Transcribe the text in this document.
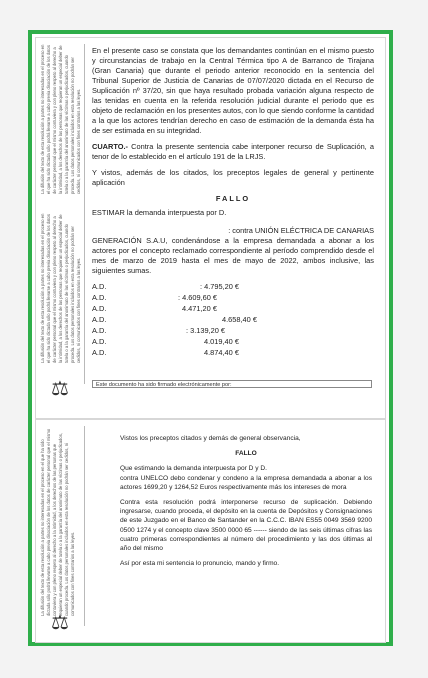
La difusión del texto de esta resolución a partes no interesadas en el proceso en el que ha sido dictada sólo podrá llevarse a cabo previa disociación de los datos de carácter personal que el mismo contuviera y con pleno respeto al derecho a la intimidad, a los derechos de las personas que requieran un especial deber de tutela o a la garantía del anonimato de las víctimas o perjudicados, cuando proceda. Los datos personales incluidos en esta resolución no podrán ser cedidos, ni comunicados con fines contrarios a las leyes.
La difusión del texto de esta resolución a partes no interesadas en el proceso en el que ha sido dictada sólo podrá llevarse a cabo previa disociación de los datos de carácter personal que el mismo contuviera y con pleno respeto al derecho a la intimidad, a los derechos de las personas que requieran un especial deber de tutela o a la garantía del anonimato de las víctimas o perjudicados, cuando proceda. Los datos personales incluidos en esta resolución no podrán ser cedidos, ni comunicados con fines contrarios a las leyes.
⚖

En el presente caso se constata que los demandantes continúan en el mismo puesto y circunstancias de trabajo en la Central Térmica tipo A de Barranco de Tirajana (Gran Canaria) que durante el periodo anterior reconocido en la sentencia del Tribunal Superior de Justicia de Canarias de 07/07/2020 dictada en el Recurso de Suplicación nº 37/20, sin que haya resultado probada variación alguna respecto de las tenidas en cuenta en la referida resolución judicial durante el periodo que es objeto de reclamación en los presentes autos, con lo que siendo conforme la cantidad a la que los actores tendrían derecho en caso de estimación de la demanda ésta ha de ser estimada en su integridad.

CUARTO.- Contra la presente sentencia cabe interponer recurso de Suplicación, a tenor de lo establecido en el artículo 191 de la LRJS.

Y vistos, además de los citados, los preceptos legales de general y pertinente aplicación

FALLO

ESTIMAR la demanda interpuesta por D.

: contra UNIÓN ELÉCTRICA DE CANARIAS

GENERACIÓN S.A.U, condenándose a la empresa demandada a abonar a los actores por el concepto reclamado correspondiente al período comprendido desde el mes de marzo de 2019 hasta el mes de mayo de 2022, ambos inclusive, las siguientes sumas.

A.D.	: 4.795,20 €
A.D.	: 4.609,60 €
A.D.	4.471,20 €
A.D.	4.658,40 €
A.D.	: 3.139,20 €
A.D.	4.019,40 €
A.D.	4.874,40 €
Este documento ha sido firmado electrónicamente por:
La difusión del texto de esta resolución a partes no interesadas en el proceso en el que ha sido dictada sólo podrá llevarse a cabo previa disociación de los datos de carácter personal que el mismo contuviera y con pleno respeto al derecho a la intimidad, a los derechos de las personas que requieran un especial deber de tutela o a la garantía del anonimato de las víctimas o perjudicados, cuando proceda. Los datos personales incluidos en esta resolución no podrán ser cedidos, ni comunicados con fines contrarios a las leyes.
⚖

Vistos los preceptos citados y demás de general observancia,

FALLO

Que estimando la demanda interpuesta por D y D.

contra UNELCO debo condenar y condeno a la empresa demandada a abonar a los actores 1699,20 y 1264,52 Euros respectivamente más los intereses de mora

Contra esta resolución podrá interponerse recurso de suplicación. Debiendo ingresarse, cuando proceda, el depósito en la cuenta de Depósitos y Consignaciones de este Juzgado en el Banco de Santander en la C.C.C. IBAN ES55 0049 3569 9200 0500 1274 y el concepto clave 3500 0000 65 ------ siendo de las seis últimas cifras las cuatro primeras correspondientes al número del procedimiento y las dos últimas al año del mismo

Así por esta mi sentencia lo pronuncio, mando y firmo.
